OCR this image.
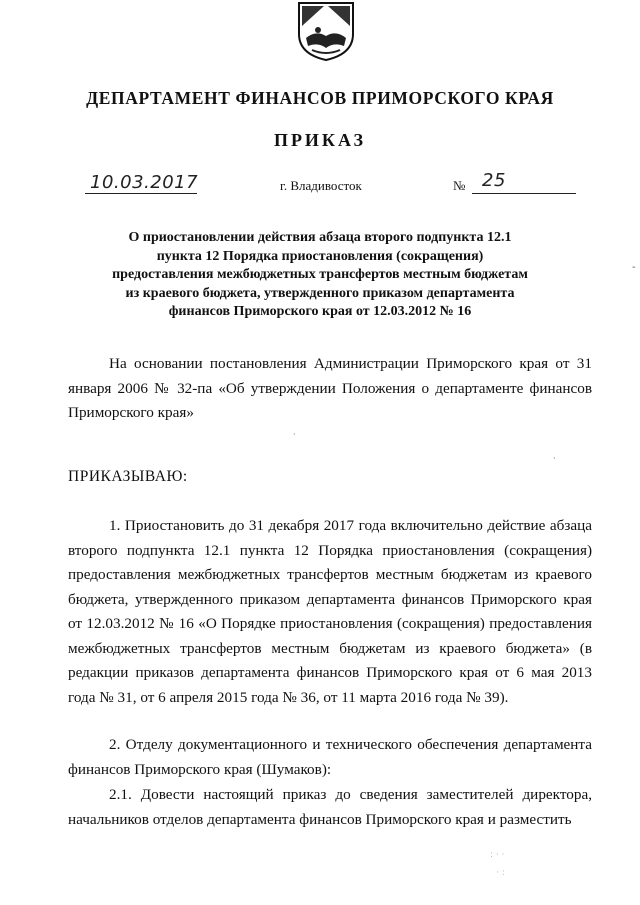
ДЕПАРТАМЕНТ ФИНАНСОВ ПРИМОРСКОГО КРАЯ
ПРИКАЗ
10.03.2017	г. Владивосток	№ 25
О приостановлении действия абзаца второго подпункта 12.1 пункта 12 Порядка приостановления (сокращения) предоставления межбюджетных трансфертов местным бюджетам из краевого бюджета, утвержденного приказом департамента финансов Приморского края от 12.03.2012 № 16

На основании постановления Администрации Приморского края от 31 января 2006 № 32-па «Об утверждении Положения о департаменте финансов Приморского края»

ПРИКАЗЫВАЮ:

1. Приостановить до 31 декабря 2017 года включительно действие абзаца второго подпункта 12.1 пункта 12 Порядка приостановления (сокращения) предоставления межбюджетных трансфертов местным бюджетам из краевого бюджета, утвержденного приказом департамента финансов Приморского края от 12.03.2012 № 16 «О Порядке приостановления (сокращения) предоставления межбюджетных трансфертов местным бюджетам из краевого бюджета» (в редакции приказов департамента финансов Приморского края от 6 мая 2013 года № 31, от 6 апреля 2015 года № 36, от 11 марта 2016 года № 39).

2. Отделу документационного и технического обеспечения департамента финансов Приморского края (Шумаков):

2.1. Довести настоящий приказ до сведения заместителей директора, начальников отделов департамента финансов Приморского края и разместить

·
·
-
: · ·
· :
